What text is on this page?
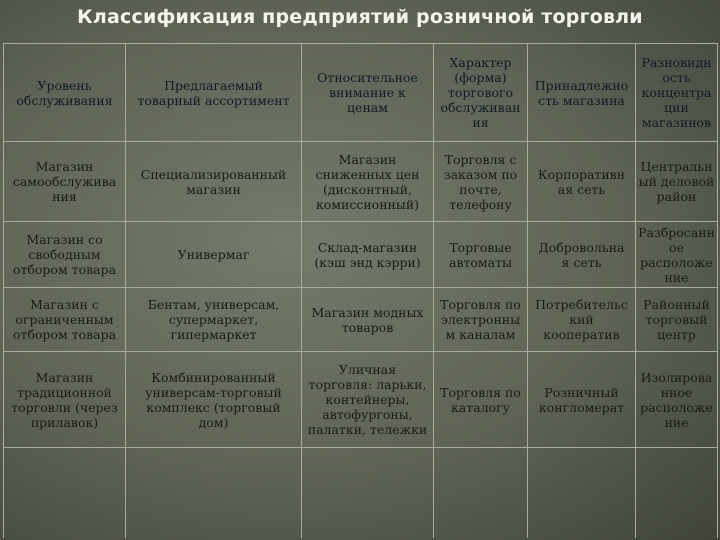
Классификация предприятий розничной торговли
Уровень
обслуживания
Предлагаемый
товарный ассортимент
Относительное
внимание к
ценам
Характер
(форма)
торгового
обслуживан
ия
Принадлежно
сть магазина
Разновидн
ость
концентра
ции
магазинов
Магазин
самообслужива
ния
Специализированный
магазин
Магазин
сниженных цен
(дисконтный,
комиссионный)
Торговля с
заказом по
почте,
телефону
Корпоративн
ая сеть
Центральн
ый деловой
район
Магазин со
свободным
отбором товара
Универмаг	Склад-магазин
(кэш энд кэрри)
Торговые
автоматы
Добровольна
я сеть
Разбросанн
ое
расположе
ние
Магазин с
ограниченным
отбором товара
Бентам, универсам,
супермаркет,
гипермаркет
Магазин модных
товаров
Торговля по
электронны
м каналам
Потребительс
кий
кооператив
Районный
торговый
центр
Магазин
традиционной
торговли (через
прилавок)
Комбинированный
универсам-торговый
комплекс (торговый
дом)
Уличная
торговля: ларьки,
контейнеры,
автофургоны,
палатки, тележки
Торговля по
каталогу
Розничный
конгломерат
Изолирова
нное
расположе
ние
